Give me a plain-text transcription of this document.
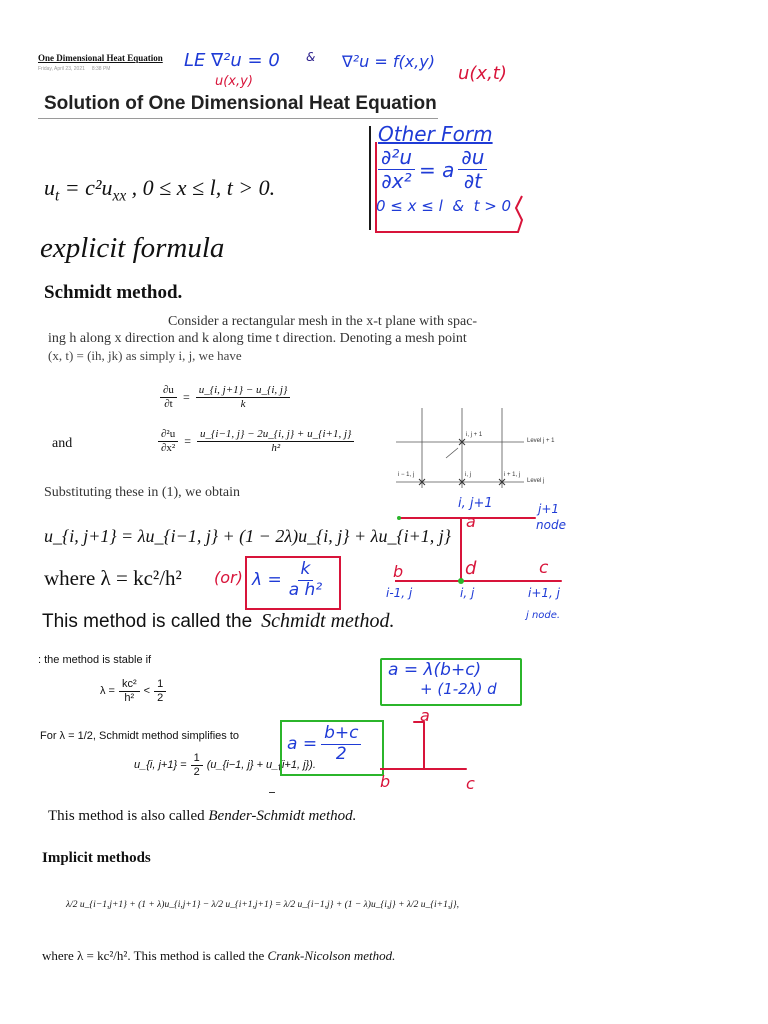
One Dimensional Heat Equation
Friday, April 23, 2021     8:38 PM	LE ∇²u = 0
u(x,y)
& ∇²u = f(x,y)
u(x,t)
Solution of One Dimensional Heat Equation
$u_t = c^2u_{xx}$ , 0 ≤ x ≤ l, t > 0.
Other Form
$\frac{\text{∂²u}}{\text{∂x²}} = a \frac{\partial u}{\partial t}$
0 ≤ x ≤ l  &  t > 0
explicit formula
Schmidt method.
Consider a rectangular mesh in the x-t plane with spac-
ing h along x direction and k along time t direction. Denoting a mesh point
(x, t) = (ih, jk) as simply i, j, we have
$\frac{\partial u}{\partial t} = \frac{u\_\{i, j+1\} - u\_\{i, j\}}{k}$
and	$\frac{\text{∂²u}}{\text{∂x²}} = \frac{u\_\{i-1, j\} - 2u\_\{i, j\} + u\_\{i+1, j\}}{\text{h²}}$	i, j + 1
Level j + 1
i − 1, j	i, j	i + 1, j
Level j
Substituting these in (1), we obtain
u_{i, j+1} = λu_{i−1, j} + (1 − 2λ)u_{i, j} + λu_{i+1, j}
where λ = kc²/h² (or) $\lambda = \frac{k}{\text{a h²}}$
i, j+1
a
j+1
node
b	d	c
i-1, j	i, j	i+1, j
j node.
This method is called the Schmidt method.
: the method is stable if
$\lambda = \frac{\text{kc²}}{\text{h²}} < \frac{1}{2}$
a = λ(b+c)
+ (1-2λ) d
For λ = 1/2, Schmidt method simplifies to
u_{i, $j+1\} = \frac{1}{2}$ (u_{i−1, j} + u_{i+1, j}).
$a = \frac{b+c}{2}$
a
b	c
This method is also called Bender-Schmidt method.
Implicit methods
λ/2 u_{i−1,j+1} + (1 + λ)u_{i,j+1} − λ/2 u_{i+1,j+1} = λ/2 u_{i−1,j} + (1 − λ)u_{i,j} + λ/2 u_{i+1,j},
where λ = kc²/h². This method is called the Crank-Nicolson method.
